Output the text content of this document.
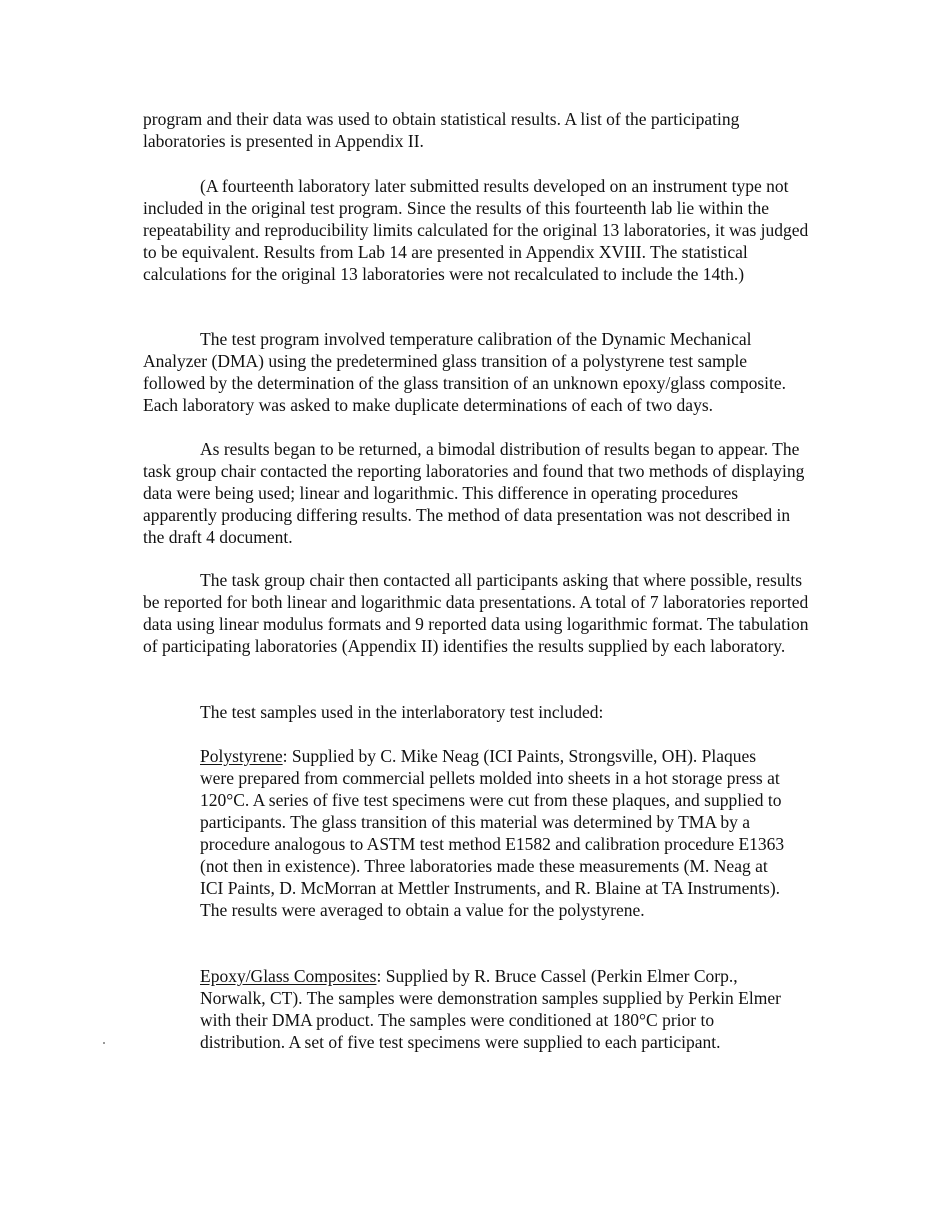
program and their data was used to obtain statistical results. A list of the participating laboratories is presented in Appendix II.

(A fourteenth laboratory later submitted results developed on an instrument type not included in the original test program. Since the results of this fourteenth lab lie within the repeatability and reproducibility limits calculated for the original 13 laboratories, it was judged to be equivalent. Results from Lab 14 are presented in Appendix XVIII. The statistical calculations for the original 13 laboratories were not recalculated to include the 14th.)

The test program involved temperature calibration of the Dynamic Mechanical Analyzer (DMA) using the predetermined glass transition of a polystyrene test sample followed by the determination of the glass transition of an unknown epoxy/glass composite. Each laboratory was asked to make duplicate determinations of each of two days.

As results began to be returned, a bimodal distribution of results began to appear. The task group chair contacted the reporting laboratories and found that two methods of displaying data were being used; linear and logarithmic. This difference in operating procedures apparently producing differing results. The method of data presentation was not described in the draft 4 document.

The task group chair then contacted all participants asking that where possible, results be reported for both linear and logarithmic data presentations. A total of 7 laboratories reported data using linear modulus formats and 9 reported data using logarithmic format. The tabulation of participating laboratories (Appendix II) identifies the results supplied by each laboratory.

The test samples used in the interlaboratory test included:

Polystyrene: Supplied by C. Mike Neag (ICI Paints, Strongsville, OH). Plaques were prepared from commercial pellets molded into sheets in a hot storage press at 120°C. A series of five test specimens were cut from these plaques, and supplied to participants. The glass transition of this material was determined by TMA by a procedure analogous to ASTM test method E1582 and calibration procedure E1363 (not then in existence). Three laboratories made these measurements (M. Neag at ICI Paints, D. McMorran at Mettler Instruments, and R. Blaine at TA Instruments). The results were averaged to obtain a value for the polystyrene.

Epoxy/Glass Composites: Supplied by R. Bruce Cassel (Perkin Elmer Corp., Norwalk, CT). The samples were demonstration samples supplied by Perkin Elmer with their DMA product. The samples were conditioned at 180°C prior to distribution. A set of five test specimens were supplied to each participant.
